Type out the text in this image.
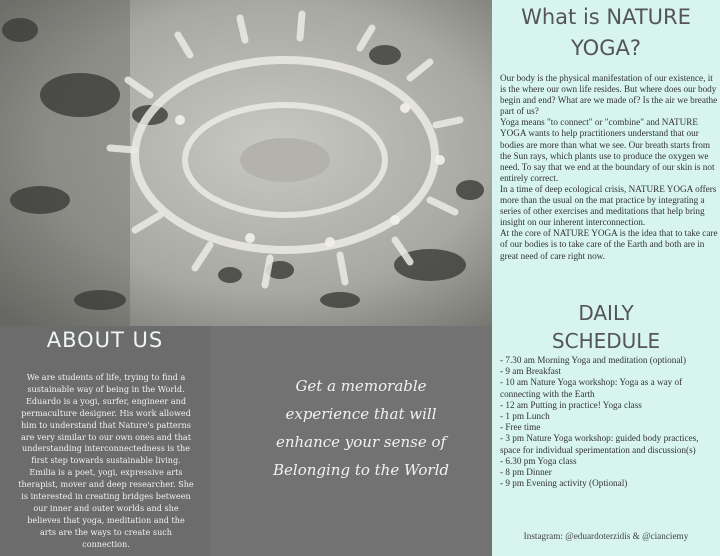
ABOUT US

We are students of life, trying to find a sustainable way of being in the World.

Eduardo is a yogi, surfer, engineer and permaculture designer. His work allowed him to understand that Nature's patterns are very similar to our own ones and that understanding interconnectedness is the first step towards sustainable living.

Emilia is a poet, yogi, expressive arts therapist, mover and deep researcher. She is interested in creating bridges between our inner and outer worlds and she believes that yoga, meditation and the arts are the ways to create such connection.

Get a memorable
experience that will
enhance your sense of
Belonging to the World
What is NATURE
YOGA?

Our body is the physical manifestation of our existence, it is the where our own life resides. But where does our body begin and end? What are we made of? Is the air we breathe part of us?

Yoga means "to connect" or "combine" and NATURE YOGA wants to help practitioners understand that our bodies are more than what we see. Our breath starts from the Sun rays, which plants use to produce the oxygen we need. To say that we end at the boundary of our skin is not entirely correct.

In a time of deep ecological crisis, NATURE YOGA offers more than the usual on the mat practice by integrating a series of other exercises and meditations that help bring insight on our inherent interconnection.

At the core of NATURE YOGA is the idea that to take care of our bodies is to take care of the Earth and both are in great need of care right now.

DAILY
SCHEDULE
- 7.30 am Morning Yoga and meditation (optional)
- 9 am Breakfast
- 10 am Nature Yoga workshop: Yoga as a way of connecting with the Earth
- 12 am Putting in practice! Yoga class
- 1 pm Lunch
- Free time
- 3 pm Nature Yoga workshop: guided body practices, space for individual sperimentation and discussion(s)
- 6.30 pm Yoga class
- 8 pm Dinner
- 9 pm Evening activity (Optional)
Instagram: @eduardoterzidis & @cianciemy
